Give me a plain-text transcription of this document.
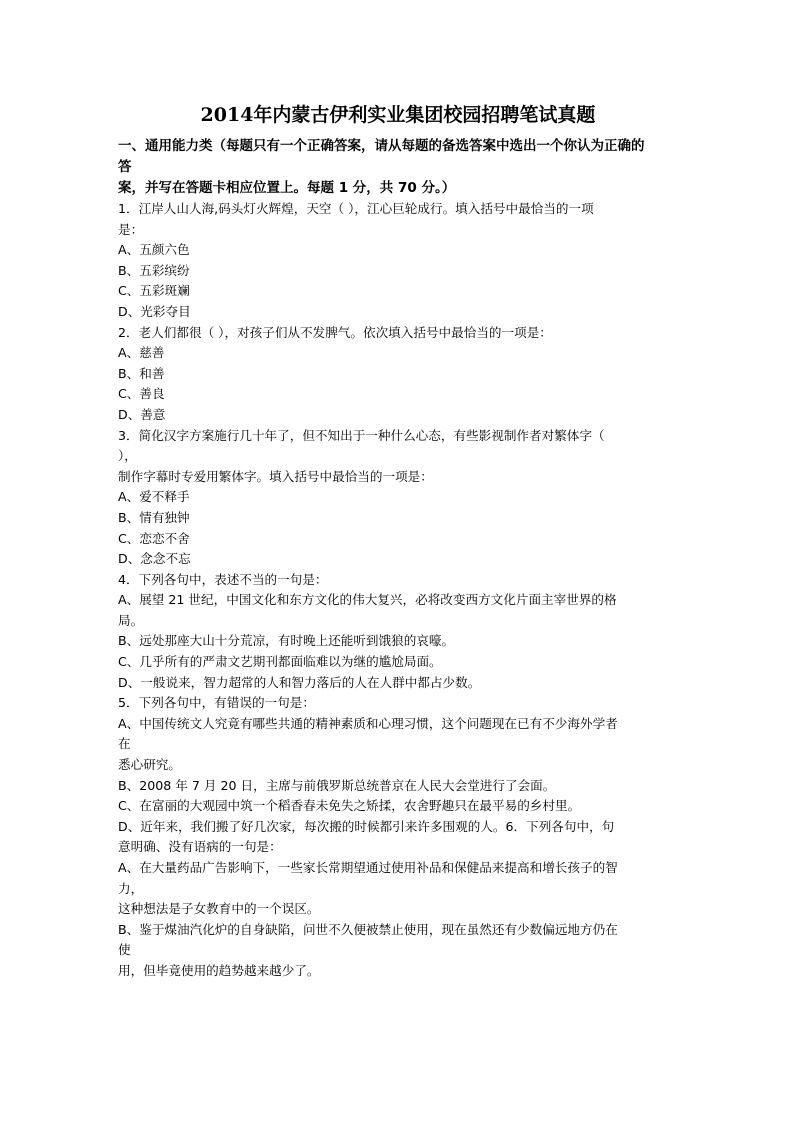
2014年内蒙古伊利实业集团校园招聘笔试真题

一、通用能力类（每题只有一个正确答案，请从每题的备选答案中选出一个你认为正确的

答

案，并写在答题卡相应位置上。每题 1 分，共 70 分。）

1．江岸人山人海,码头灯火辉煌，天空（ ），江心巨轮成行。填入括号中最恰当的一项

是：

A、五颜六色

B、五彩缤纷

C、五彩斑斓

D、光彩夺目

2．老人们都很（ ），对孩子们从不发脾气。依次填入括号中最恰当的一项是：

A、慈善

B、和善

C、善良

D、善意

3．简化汉字方案施行几十年了，但不知出于一种什么心态，有些影视制作者对繁体字（

），

制作字幕时专爱用繁体字。填入括号中最恰当的一项是：

A、爱不释手

B、情有独钟

C、恋恋不舍

D、念念不忘

4．下列各句中，表述不当的一句是：

A、展望 21 世纪，中国文化和东方文化的伟大复兴，必将改变西方文化片面主宰世界的格

局。

B、远处那座大山十分荒凉，有时晚上还能听到饿狼的哀嚎。

C、几乎所有的严肃文艺期刊都面临难以为继的尴尬局面。

D、一般说来，智力超常的人和智力落后的人在人群中都占少数。

5．下列各句中，有错误的一句是：

A、中国传统文人究竟有哪些共通的精神素质和心理习惯，这个问题现在已有不少海外学者

在

悉心研究。

B、2008 年 7 月 20 日，主席与前俄罗斯总统普京在人民大会堂进行了会面。

C、在富丽的大观园中筑一个稻香春未免失之矫揉，农舍野趣只在最平易的乡村里。

D、近年来，我们搬了好几次家，每次搬的时候都引来许多围观的人。6．下列各句中，句

意明确、没有语病的一句是：

A、在大量药品广告影响下，一些家长常期望通过使用补品和保健品来提高和增长孩子的智

力，

这种想法是子女教育中的一个误区。

B、鉴于煤油汽化炉的自身缺陷，问世不久便被禁止使用，现在虽然还有少数偏远地方仍在

使

用，但毕竟使用的趋势越来越少了。
